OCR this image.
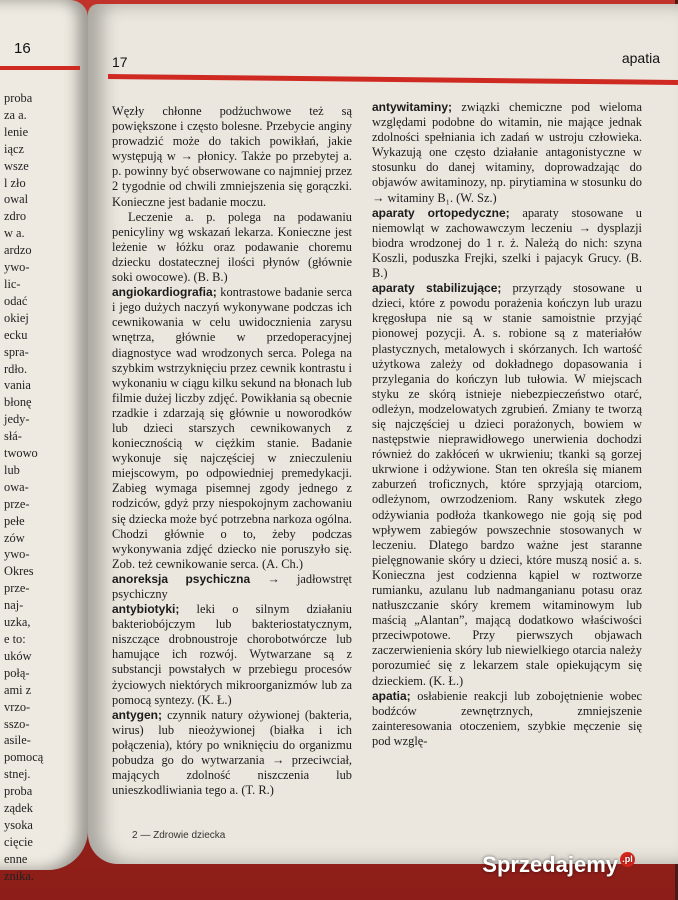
16
proba
za a.
lenie
iącz
wsze
l zło
owal
zdro
w a.
ardzo
ywo-
lic-
odać
okiej
ecku
spra-
rdło.
vania
błonę
jedy-
słá-
twowo
lub
owa-
prze-
pełe
zów
ywo-
Okres
prze-
naj-
uzka,
e to:
uków
połą-
ami z
vrzo-
sszo-
asile-
pomocą
stnej.
proba
ządek
ysoka
cięcie
enne
znika.
17	apatia

Węzły chłonne podżuchwowe też są powiększone i często bolesne. Przebycie anginy prowadzić może do takich powikłań, jakie występują w → płonicy. Także po przebytej a. p. powinny być obserwowane co najmniej przez 2 tygodnie od chwili zmniejszenia się gorączki. Konieczne jest badanie moczu.

Leczenie a. p. polega na podawaniu penicyliny wg wskazań lekarza. Konieczne jest leżenie w łóżku oraz podawanie choremu dziecku dostatecznej ilości płynów (głównie soki owocowe). (B. B.)

angiokardiografia; kontrastowe badanie serca i jego dużych naczyń wykonywane podczas ich cewnikowania w celu uwidocznienia zarysu wnętrza, głównie w przedoperacyjnej diagnostyce wad wrodzonych serca. Polega na szybkim wstrzyknięciu przez cewnik kontrastu i wykonaniu w ciągu kilku sekund na błonach lub filmie dużej liczby zdjęć. Powikłania są obecnie rzadkie i zdarzają się głównie u noworodków lub dzieci starszych cewnikowanych z koniecznością w ciężkim stanie. Badanie wykonuje się najczęściej w znieczuleniu miejscowym, po odpowiedniej premedykacji. Zabieg wymaga pisemnej zgody jednego z rodziców, gdyż przy niespokojnym zachowaniu się dziecka może być potrzebna narkoza ogólna. Chodzi głównie o to, żeby podczas wykonywania zdjęć dziecko nie poruszyło się. Zob. też cewnikowanie serca. (A. Ch.)

anoreksja psychiczna → jadłowstręt psychiczny

antybiotyki; leki o silnym działaniu bakteriobójczym lub bakteriostatycznym, niszczące drobnoustroje chorobotwórcze lub hamujące ich rozwój. Wytwarzane są z substancji powstałych w przebiegu procesów życiowych niektórych mikroorganizmów lub za pomocą syntezy. (K. Ł.)

antygen; czynnik natury ożywionej (bakteria, wirus) lub nieożywionej (białka i ich połączenia), który po wniknięciu do organizmu pobudza go do wytwarzania → przeciwciał, mających zdolność niszczenia lub unieszkodliwiania tego a. (T. R.)

antywitaminy; związki chemiczne pod wieloma względami podobne do witamin, nie mające jednak zdolności spełniania ich zadań w ustroju człowieka. Wykazują one często działanie antagonistyczne w stosunku do danej witaminy, doprowadzając do objawów awitaminozy, np. pirytiamina w stosunku do → witaminy B₁. (W. Sz.)

aparaty ortopedyczne; aparaty stosowane u niemowląt w zachowawczym leczeniu → dysplazji biodra wrodzonej do 1 r. ż. Należą do nich: szyna Koszli, poduszka Frejki, szelki i pajacyk Grucy. (B. B.)

aparaty stabilizujące; przyrządy stosowane u dzieci, które z powodu porażenia kończyn lub urazu kręgosłupa nie są w stanie samoistnie przyjąć pionowej pozycji. A. s. robione są z materiałów plastycznych, metalowych i skórzanych. Ich wartość użytkowa zależy od dokładnego dopasowania i przylegania do kończyn lub tułowia. W miejscach styku ze skórą istnieje niebezpieczeństwo otarć, odleżyn, modzelowatych zgrubień. Zmiany te tworzą się najczęściej u dzieci porażonych, bowiem w następstwie nieprawidłowego unerwienia dochodzi również do zakłóceń w ukrwieniu; tkanki są gorzej ukrwione i odżywione. Stan ten określa się mianem zaburzeń troficznych, które sprzyjają otarciom, odleżynom, owrzodzeniom. Rany wskutek złego odżywiania podłoża tkankowego nie goją się pod wpływem zabiegów powszechnie stosowanych w leczeniu. Dlatego bardzo ważne jest staranne pielęgnowanie skóry u dzieci, które muszą nosić a. s. Konieczna jest codzienna kąpiel w roztworze rumianku, azulanu lub nadmanganianu potasu oraz natłuszczanie skóry kremem witaminowym lub maścią „Alantan”, mającą dodatkowo właściwości przeciwpotowe. Przy pierwszych objawach zaczerwienienia skóry lub niewielkiego otarcia należy porozumieć się z lekarzem stale opiekującym się dzieckiem. (K. Ł.)

apatia; osłabienie reakcji lub zobojętnienie wobec bodźców zewnętrznych, zmniejszenie zainteresowania otoczeniem, szybkie męczenie się pod wzglę-

2 — Zdrowie dziecka
Sprzedajemy .pl
